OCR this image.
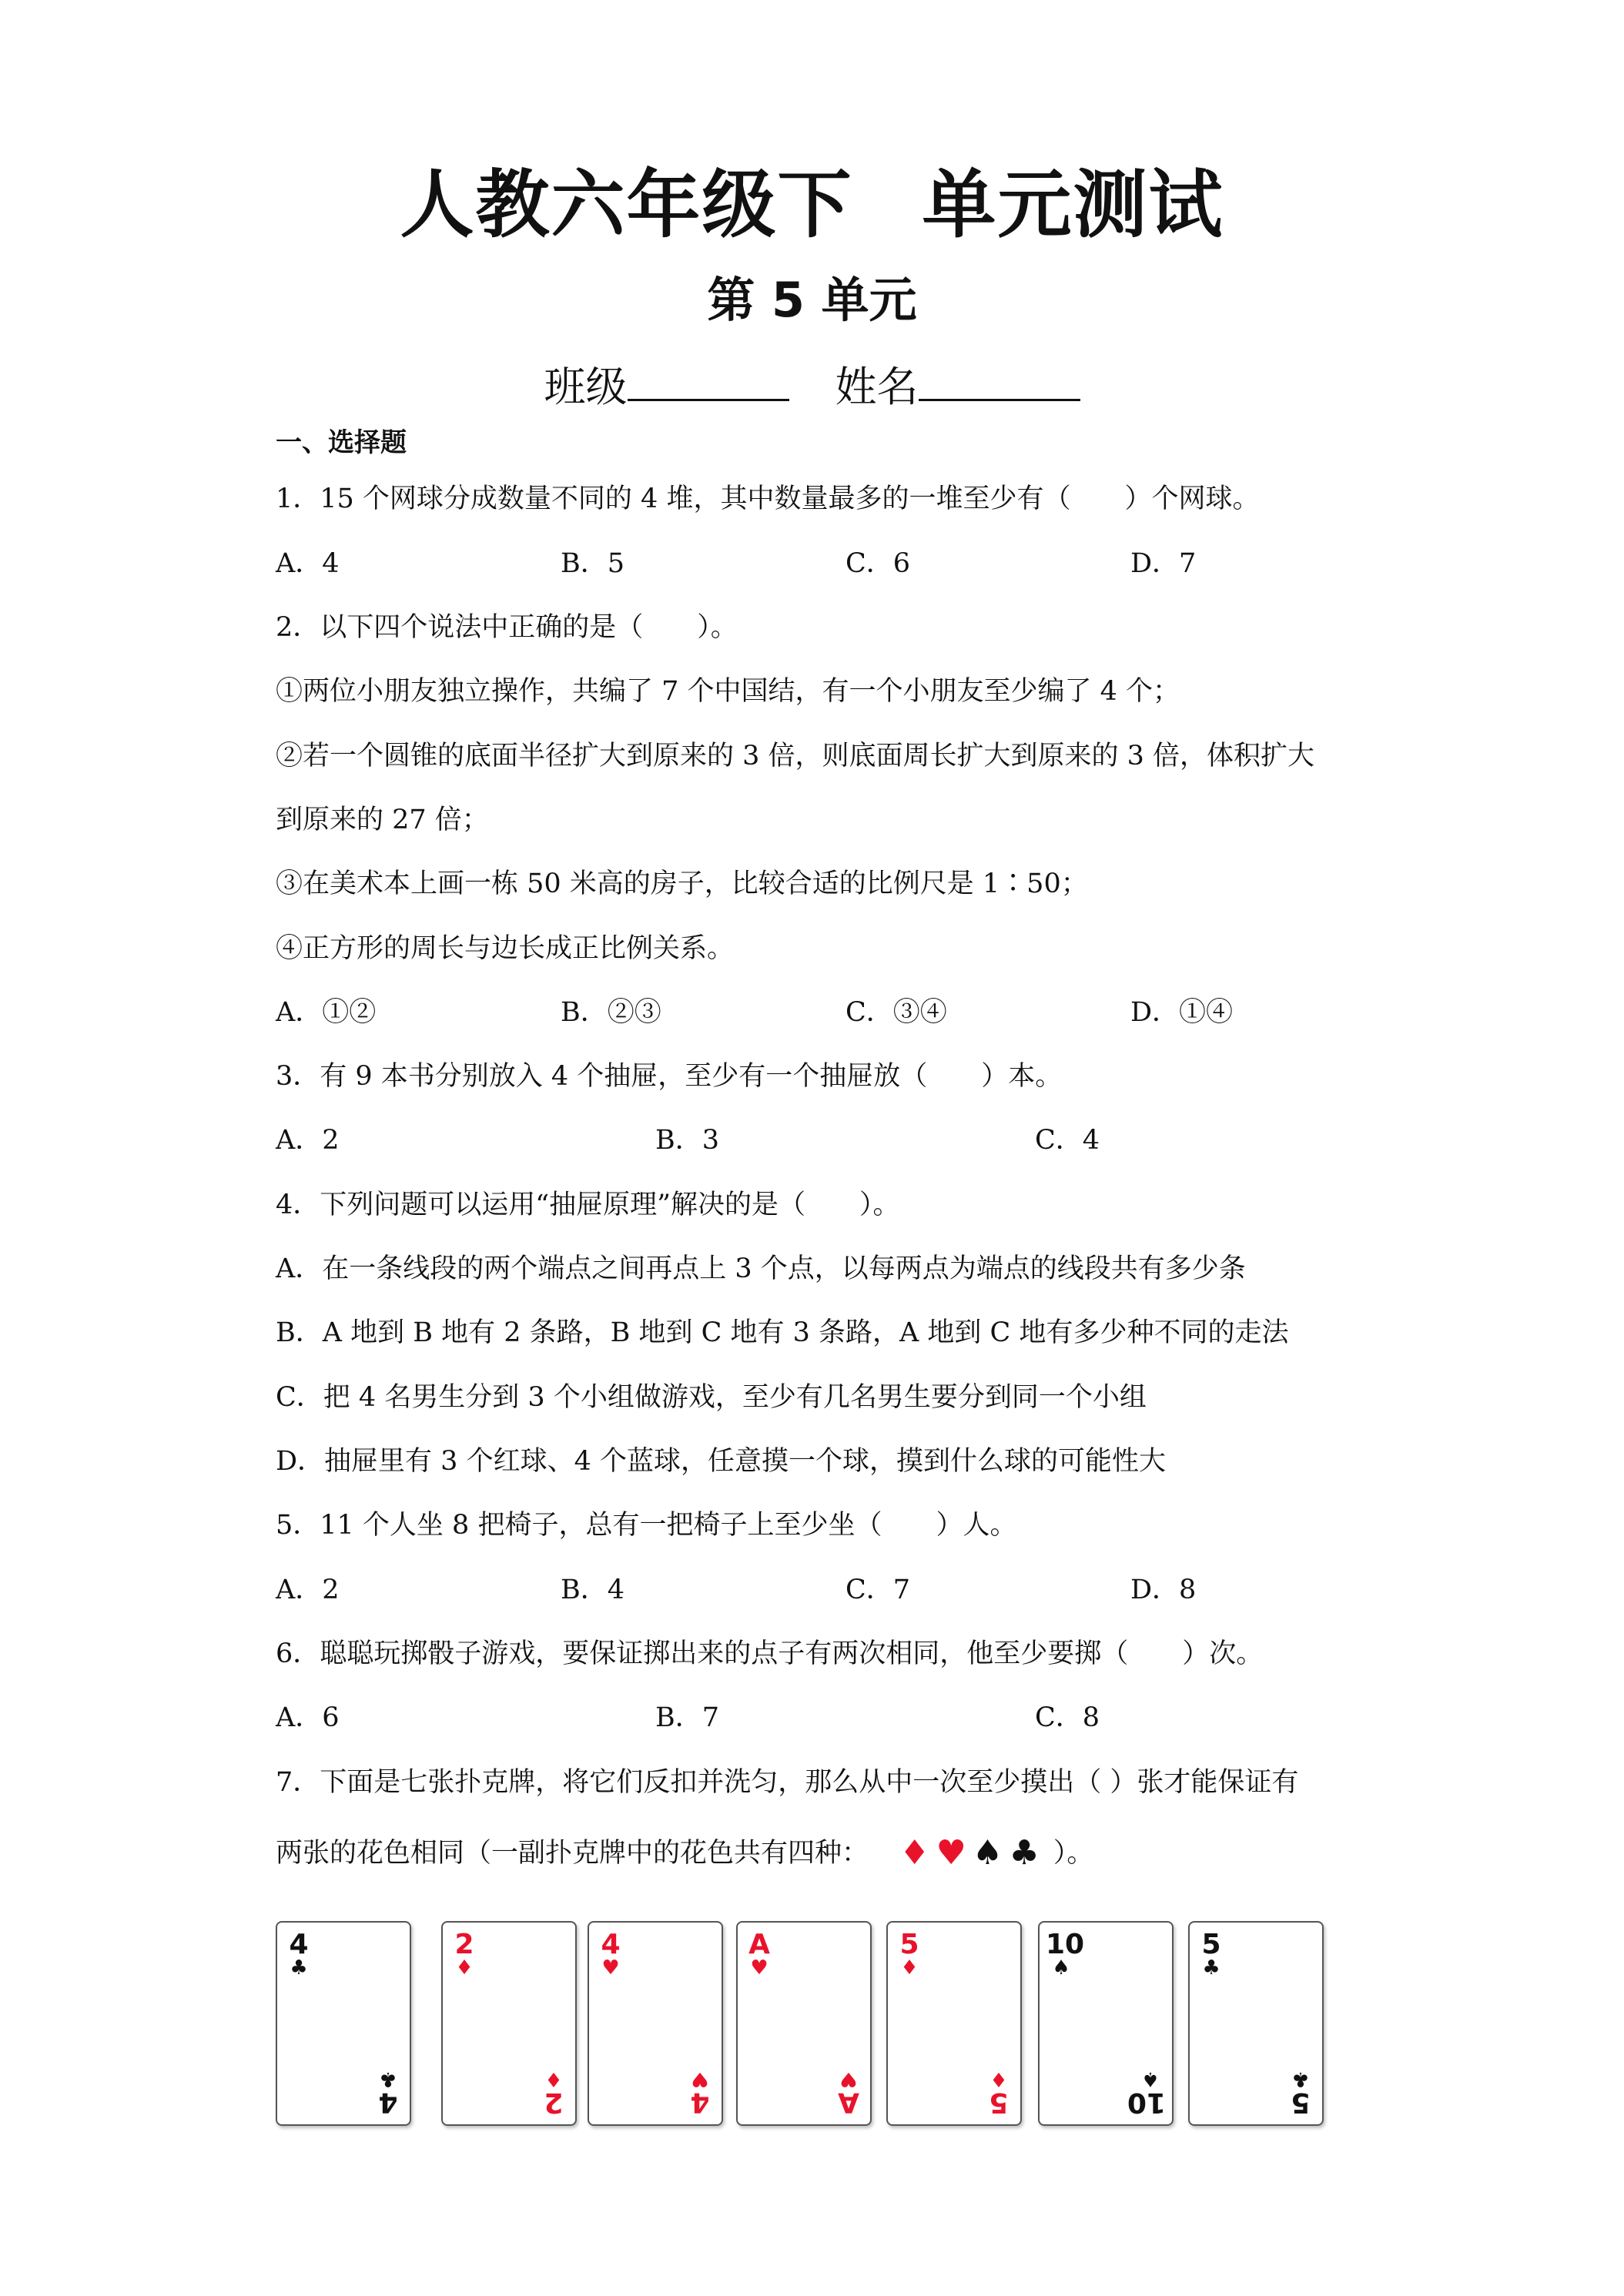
人教六年级下 单元测试
第 5 单元
班级	姓名
一、选择题
1．15 个网球分成数量不同的 4 堆，其中数量最多的一堆至少有（　　）个网球。
A．4	B．5	C．6	D．7
2．以下四个说法中正确的是（　　）。
①两位小朋友独立操作，共编了 7 个中国结，有一个小朋友至少编了 4 个；
②若一个圆锥的底面半径扩大到原来的 3 倍，则底面周长扩大到原来的 3 倍，体积扩大
到原来的 27 倍；
③在美术本上画一栋 50 米高的房子，比较合适的比例尺是 1∶50；
④正方形的周长与边长成正比例关系。
A．①②	B．②③	C．③④	D．①④
3．有 9 本书分别放入 4 个抽屉，至少有一个抽屉放（　　）本。
A．2	B．3	C．4
4．下列问题可以运用“抽屉原理”解决的是（　　）。
A．在一条线段的两个端点之间再点上 3 个点，以每两点为端点的线段共有多少条
B．A 地到 B 地有 2 条路，B 地到 C 地有 3 条路，A 地到 C 地有多少种不同的走法
C．把 4 名男生分到 3 个小组做游戏，至少有几名男生要分到同一个小组
D．抽屉里有 3 个红球、4 个蓝球，任意摸一个球，摸到什么球的可能性大
5．11 个人坐 8 把椅子，总有一把椅子上至少坐（　　）人。
A．2	B．4	C．7	D．8
6．聪聪玩掷骰子游戏，要保证掷出来的点子有两次相同，他至少要掷（　　）次。
A．6	B．7	C．8
7．下面是七张扑克牌，将它们反扣并洗匀，那么从中一次至少摸出（ ）张才能保证有
两张的花色相同（一副扑克牌中的花色共有四种： ♦ ♥ ♠ ♣ ）。
4
♣
4
♣
2
♦
2
♦
4
♥
4
♥
A
♥
A
♥
5
♦
5
♦
10
♠
10
♠
5
♣
5
♣
